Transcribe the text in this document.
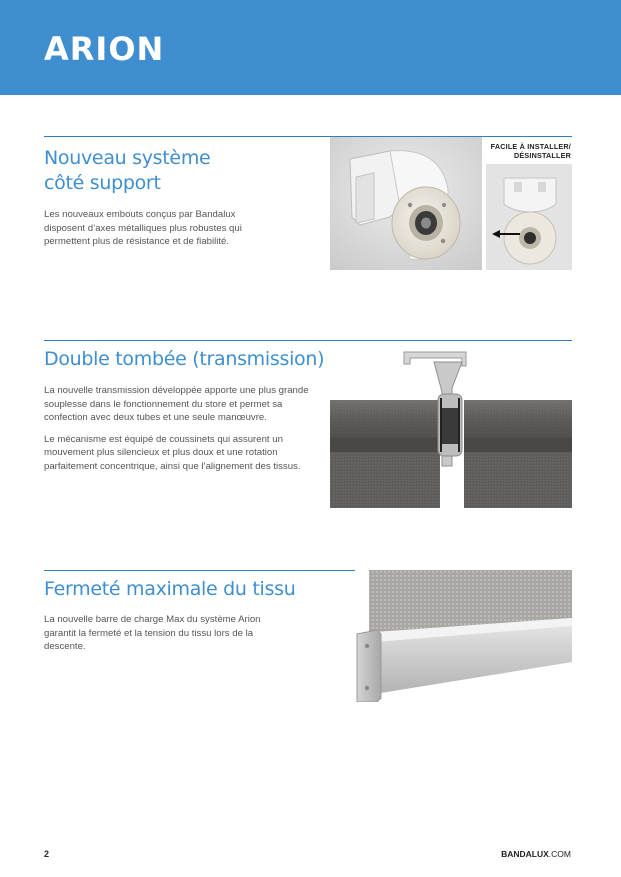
ARION
Nouveau système
côté support

Les nouveaux embouts conçus par Bandalux disposent d’axes métalliques plus robustes qui permettent plus de résistance et de fiabilité.

FACILE À INSTALLER/
DÉSINSTALLER
Double tombée (transmission)

La nouvelle transmission développée apporte une plus grande souplesse dans le fonctionnement du store et permet sa confection avec deux tubes et une seule manœuvre.

Le mécanisme est équipé de coussinets qui assurent un mouvement plus silencieux et plus doux et une rotation parfaitement concentrique, ainsi que l’alignement des tissus.

Fermeté maximale du tissu

La nouvelle barre de charge Max du système Arion garantit la fermeté et la tension du tissu lors de la descente.

2	BANDALUX.COM
